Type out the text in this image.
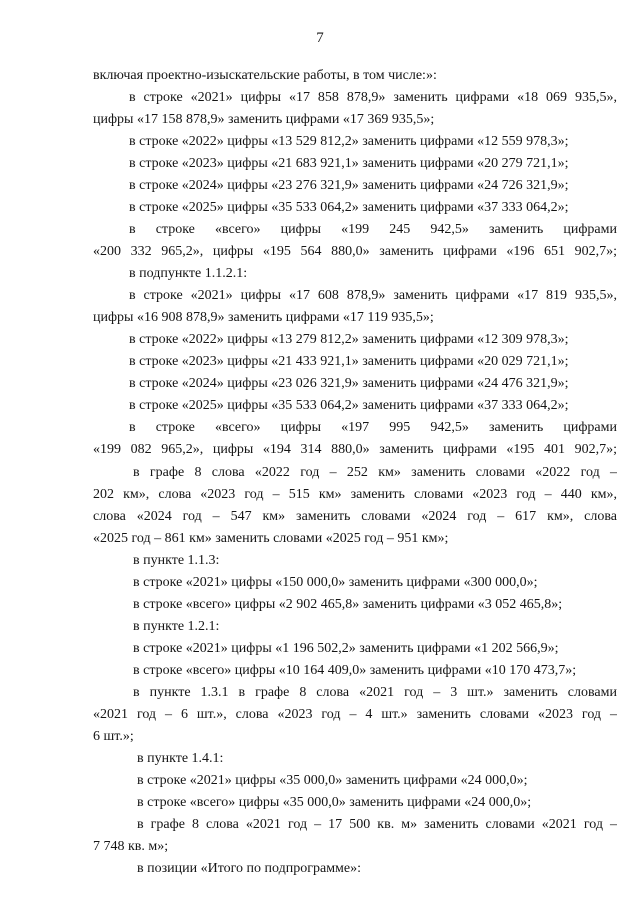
7
включая проектно-изыскательские работы, в том числе:»:
в строке «2021» цифры «17 858 878,9» заменить цифрами «18 069 935,5»,
цифры «17 158 878,9» заменить цифрами «17 369 935,5»;
в строке «2022» цифры «13 529 812,2» заменить цифрами «12 559 978,3»;
в строке «2023» цифры «21 683 921,1» заменить цифрами «20 279 721,1»;
в строке «2024» цифры «23 276 321,9» заменить цифрами «24 726 321,9»;
в строке «2025» цифры «35 533 064,2» заменить цифрами «37 333 064,2»;
в строке «всего» цифры «199 245 942,5» заменить цифрами
«200 332 965,2», цифры «195 564 880,0» заменить цифрами «196 651 902,7»;
в подпункте 1.1.2.1:
в строке «2021» цифры «17 608 878,9» заменить цифрами «17 819 935,5»,
цифры «16 908 878,9» заменить цифрами «17 119 935,5»;
в строке «2022» цифры «13 279 812,2» заменить цифрами «12 309 978,3»;
в строке «2023» цифры «21 433 921,1» заменить цифрами «20 029 721,1»;
в строке «2024» цифры «23 026 321,9» заменить цифрами «24 476 321,9»;
в строке «2025» цифры «35 533 064,2» заменить цифрами «37 333 064,2»;
в строке «всего» цифры «197 995 942,5» заменить цифрами
«199 082 965,2», цифры «194 314 880,0» заменить цифрами «195 401 902,7»;
в графе 8 слова «2022 год – 252 км» заменить словами «2022 год –
202 км», слова «2023 год – 515 км» заменить словами «2023 год – 440 км»,
слова «2024 год – 547 км» заменить словами «2024 год – 617 км», слова
«2025 год – 861 км» заменить словами «2025 год – 951 км»;
в пункте 1.1.3:
в строке «2021» цифры «150 000,0» заменить цифрами «300 000,0»;
в строке «всего» цифры «2 902 465,8» заменить цифрами «3 052 465,8»;
в пункте 1.2.1:
в строке «2021» цифры «1 196 502,2» заменить цифрами «1 202 566,9»;
в строке «всего» цифры «10 164 409,0» заменить цифрами «10 170 473,7»;
в пункте 1.3.1 в графе 8 слова «2021 год – 3 шт.» заменить словами
«2021 год – 6 шт.», слова «2023 год – 4 шт.» заменить словами «2023 год –
6 шт.»;
в пункте 1.4.1:
в строке «2021» цифры «35 000,0» заменить цифрами «24 000,0»;
в строке «всего» цифры «35 000,0» заменить цифрами «24 000,0»;
в графе 8 слова «2021 год – 17 500 кв. м» заменить словами «2021 год –
7 748 кв. м»;
в позиции «Итого по подпрограмме»:
